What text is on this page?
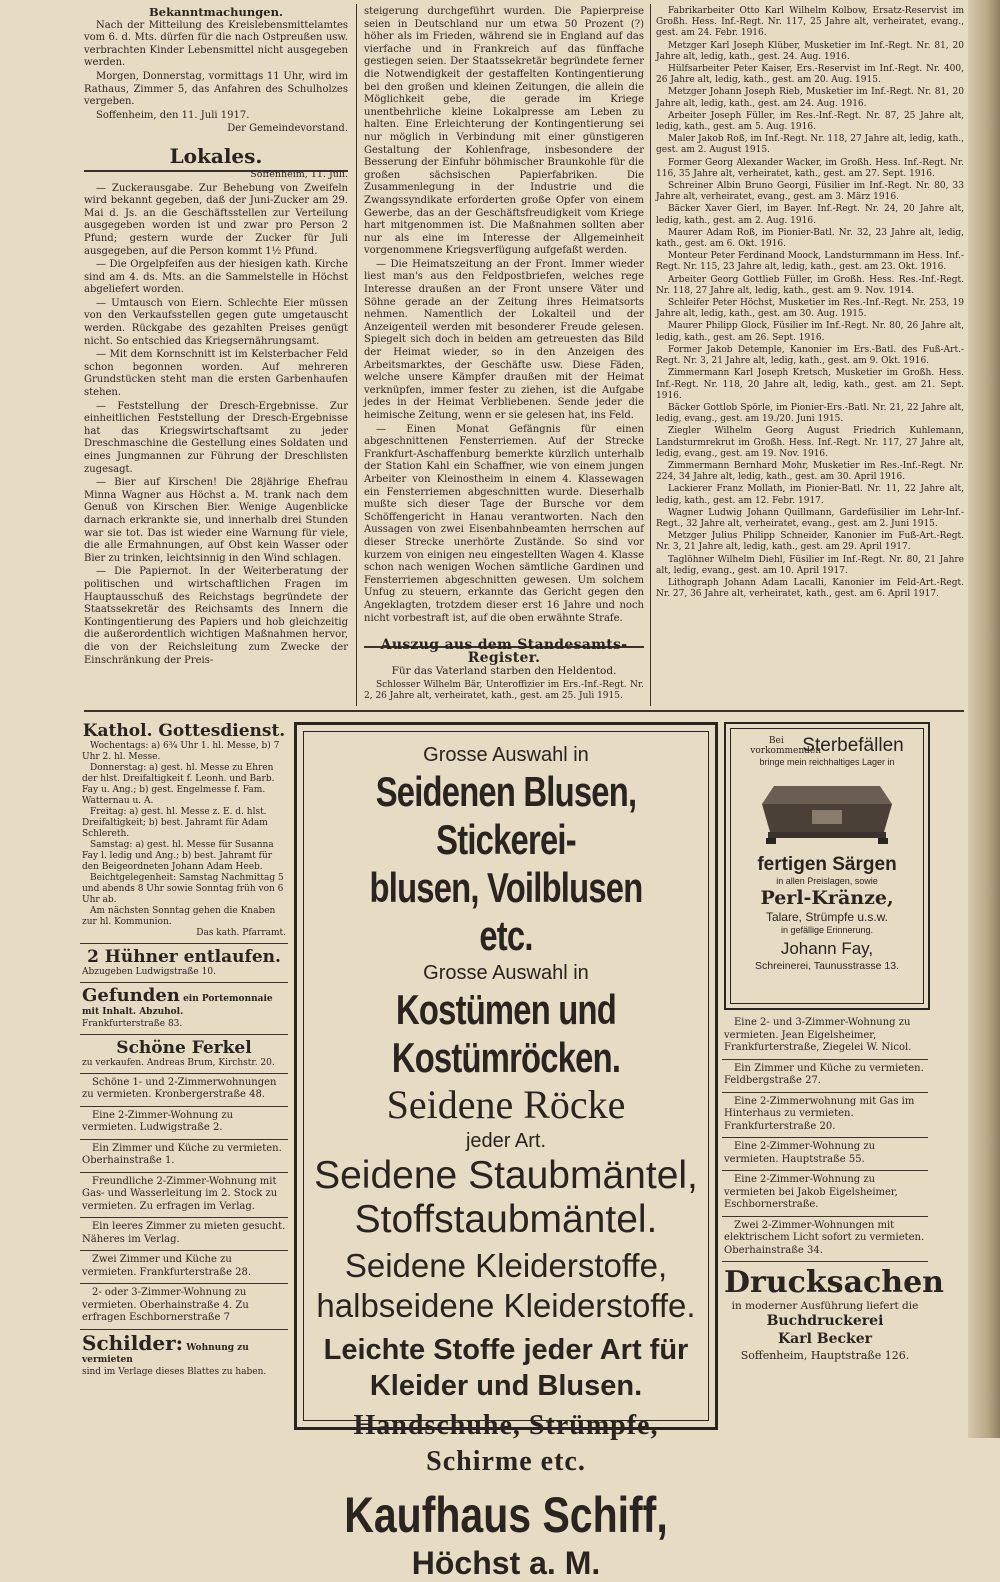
Bekanntmachungen.

Nach der Mitteilung des Kreislebensmittelamtes vom 6. d. Mts. dürfen für die nach Ostpreußen usw. verbrachten Kinder Lebensmittel nicht ausgegeben werden.

Morgen, Donnerstag, vormittags 11 Uhr, wird im Rathaus, Zimmer 5, das Anfahren des Schulholzes vergeben.

Soffenheim, den 11. Juli 1917.

Der Gemeindevorstand.

Lokales.

Soffenheim, 11. Juli.

— Zuckerausgabe. Zur Behebung von Zweifeln wird bekannt gegeben, daß der Juni-Zucker am 29. Mai d. Js. an die Geschäftsstellen zur Verteilung ausgegeben worden ist und zwar pro Person 2 Pfund; gestern wurde der Zucker für Juli ausgegeben, auf die Person kommt 1½ Pfund.

— Die Orgelpfeifen aus der hiesigen kath. Kirche sind am 4. ds. Mts. an die Sammelstelle in Höchst abgeliefert worden.

— Umtausch von Eiern. Schlechte Eier müssen von den Verkaufsstellen gegen gute umgetauscht werden. Rückgabe des gezahlten Preises genügt nicht. So entschied das Kriegsernährungsamt.

— Mit dem Kornschnitt ist im Kelsterbacher Feld schon begonnen worden. Auf mehreren Grundstücken steht man die ersten Garbenhaufen stehen.

— Feststellung der Dresch-Ergebnisse. Zur einheitlichen Feststellung der Dresch-Ergebnisse hat das Kriegswirtschaftsamt zu jeder Dreschmaschine die Gestellung eines Soldaten und eines Jungmannen zur Führung der Dreschlisten zugesagt.

— Bier auf Kirschen! Die 28jährige Ehefrau Minna Wagner aus Höchst a. M. trank nach dem Genuß von Kirschen Bier. Wenige Augenblicke darnach erkrankte sie, und innerhalb drei Stunden war sie tot. Das ist wieder eine Warnung für viele, die alle Ermahnungen, auf Obst kein Wasser oder Bier zu trinken, leichtsinnig in den Wind schlagen.

— Die Papiernot. In der Weiterberatung der politischen und wirtschaftlichen Fragen im Hauptausschuß des Reichstags begründete der Staatssekretär des Reichsamts des Innern die Kontingentierung des Papiers und hob gleichzeitig die außerordentlich wichtigen Maßnahmen hervor, die von der Reichsleitung zum Zwecke der Einschränkung der Preis-

steigerung durchgeführt wurden. Die Papierpreise seien in Deutschland nur um etwa 50 Prozent (?) höher als im Frieden, während sie in England auf das vierfache und in Frankreich auf das fünffache gestiegen seien. Der Staatssekretär begründete ferner die Notwendigkeit der gestaffelten Kontingentierung bei den großen und kleinen Zeitungen, die allein die Möglichkeit gebe, die gerade im Kriege unentbehrliche kleine Lokalpresse am Leben zu halten. Eine Erleichterung der Kontingentierung sei nur möglich in Verbindung mit einer günstigeren Gestaltung der Kohlenfrage, insbesondere der Besserung der Einfuhr böhmischer Braunkohle für die großen sächsischen Papierfabriken. Die Zusammenlegung in der Industrie und die Zwangssyndikate erforderten große Opfer von einem Gewerbe, das an der Geschäftsfreudigkeit vom Kriege hart mitgenommen ist. Die Maßnahmen sollten aber nur als eine im Interesse der Allgemeinheit vorgenommene Kriegsverfügung aufgefaßt werden.

— Die Heimatszeitung an der Front. Immer wieder liest man's aus den Feldpostbriefen, welches rege Interesse draußen an der Front unsere Väter und Söhne gerade an der Zeitung ihres Heimatsorts nehmen. Namentlich der Lokalteil und der Anzeigenteil werden mit besonderer Freude gelesen. Spiegelt sich doch in beiden am getreuesten das Bild der Heimat wieder, so in den Anzeigen des Arbeitsmarktes, der Geschäfte usw. Diese Fäden, welche unsere Kämpfer draußen mit der Heimat verknüpfen, immer fester zu ziehen, ist die Aufgabe jedes in der Heimat Verbliebenen. Sende jeder die heimische Zeitung, wenn er sie gelesen hat, ins Feld.

— Einen Monat Gefängnis für einen abgeschnittenen Fensterriemen. Auf der Strecke Frankfurt-Aschaffenburg bemerkte kürzlich unterhalb der Station Kahl ein Schaffner, wie von einem jungen Arbeiter von Kleinostheim in einem 4. Klassewagen ein Fensterriemen abgeschnitten wurde. Dieserhalb mußte sich dieser Tage der Bursche vor dem Schöffengericht in Hanau verantworten. Nach den Aussagen von zwei Eisenbahnbeamten herrschen auf dieser Strecke unerhörte Zustände. So sind vor kurzem von einigen neu eingestellten Wagen 4. Klasse schon nach wenigen Wochen sämtliche Gardinen und Fensterriemen abgeschnitten gewesen. Um solchem Unfug zu steuern, erkannte das Gericht gegen den Angeklagten, trotzdem dieser erst 16 Jahre und noch nicht vorbestraft ist, auf die oben erwähnte Strafe.

Auszug aus dem Standesamts-Register.

Für das Vaterland starben den Heldentod.

Schlosser Wilhelm Bär, Unteroffizier im Ers.-Inf.-Regt. Nr. 2, 26 Jahre alt, verheiratet, kath., gest. am 25. Juli 1915.

Fabrikarbeiter Otto Karl Wilhelm Kolbow, Ersatz-Reservist im Großh. Hess. Inf.-Regt. Nr. 117, 25 Jahre alt, verheiratet, evang., gest. am 24. Febr. 1916.

Metzger Karl Joseph Klüber, Musketier im Inf.-Regt. Nr. 81, 20 Jahre alt, ledig, kath., gest. 24. Aug. 1916.

Hülfsarbeiter Peter Kaiser, Ers.-Reservist im Inf.-Regt. Nr. 400, 26 Jahre alt, ledig, kath., gest. am 20. Aug. 1915.

Metzger Johann Joseph Rieb, Musketier im Inf.-Regt. Nr. 81, 20 Jahre alt, ledig, kath., gest. am 24. Aug. 1916.

Arbeiter Joseph Füller, im Res.-Inf.-Regt. Nr. 87, 25 Jahre alt, ledig, kath., gest. am 5. Aug. 1916.

Maler Jakob Roß, im Inf.-Regt. Nr. 118, 27 Jahre alt, ledig, kath., gest. am 2. August 1915.

Former Georg Alexander Wacker, im Großh. Hess. Inf.-Regt. Nr. 116, 35 Jahre alt, verheiratet, kath., gest. am 27. Sept. 1916.

Schreiner Albin Bruno Georgi, Füsilier im Inf.-Regt. Nr. 80, 33 Jahre alt, verheiratet, evang., gest. am 3. März 1916.

Bäcker Xaver Gierl, im Bayer. Inf.-Regt. Nr. 24, 20 Jahre alt, ledig, kath., gest. am 2. Aug. 1916.

Maurer Adam Roß, im Pionier-Batl. Nr. 32, 23 Jahre alt, ledig, kath., gest. am 6. Okt. 1916.

Monteur Peter Ferdinand Moock, Landsturmmann im Hess. Inf.-Regt. Nr. 115, 23 Jahre alt, ledig, kath., gest. am 23. Okt. 1916.

Arbeiter Georg Gottlieb Füller, im Großh. Hess. Res.-Inf.-Regt. Nr. 118, 27 Jahre alt, ledig, kath., gest. am 9. Nov. 1914.

Schleifer Peter Höchst, Musketier im Res.-Inf.-Regt. Nr. 253, 19 Jahre alt, ledig, kath., gest. am 30. Aug. 1915.

Maurer Philipp Glock, Füsilier im Inf.-Regt. Nr. 80, 26 Jahre alt, ledig, kath., gest. am 26. Sept. 1916.

Former Jakob Detemple, Kanonier im Ers.-Batl. des Fuß-Art.-Regt. Nr. 3, 21 Jahre alt, ledig, kath., gest. am 9. Okt. 1916.

Zimmermann Karl Joseph Kretsch, Musketier im Großh. Hess. Inf.-Regt. Nr. 118, 20 Jahre alt, ledig, kath., gest. am 21. Sept. 1916.

Bäcker Gottlob Spörle, im Pionier-Ers.-Batl. Nr. 21, 22 Jahre alt, ledig, evang., gest. am 19./20. Juni 1915.

Ziegler Wilhelm Georg August Friedrich Kuhlemann, Landsturmrekrut im Großh. Hess. Inf.-Regt. Nr. 117, 27 Jahre alt, ledig, evang., gest. am 19. Nov. 1916.

Zimmermann Bernhard Mohr, Musketier im Res.-Inf.-Regt. Nr. 224, 34 Jahre alt, ledig, kath., gest. am 30. April 1916.

Lackierer Franz Mollath, im Pionier-Batl. Nr. 11, 22 Jahre alt, ledig, kath., gest. am 12. Febr. 1917.

Wagner Ludwig Johann Quillmann, Gardefüsilier im Lehr-Inf.-Regt., 32 Jahre alt, verheiratet, evang., gest. am 2. Juni 1915.

Metzger Julius Philipp Schneider, Kanonier im Fuß-Art.-Regt. Nr. 3, 21 Jahre alt, ledig, kath., gest. am 29. April 1917.

Taglöhner Wilhelm Diehl, Füsilier im Inf.-Regt. Nr. 80, 21 Jahre alt, ledig, evang., gest. am 10. April 1917.

Lithograph Johann Adam Lacalli, Kanonier im Feld-Art.-Regt. Nr. 27, 36 Jahre alt, verheiratet, kath., gest. am 6. April 1917.

Kathol. Gottesdienst.
Wochentags: a) 6¾ Uhr 1. hl. Messe, b) 7 Uhr 2. hl. Messe.
Donnerstag: a) gest. hl. Messe zu Ehren der hlst. Dreifaltigkeit f. Leonh. und Barb. Fay u. Ang.; b) gest. Engelmesse f. Fam. Watternau u. A.
Freitag: a) gest. hl. Messe z. E. d. hlst. Dreifaltigkeit; b) best. Jahramt für Adam Schlereth.
Samstag: a) gest. hl. Messe für Susanna Fay l. ledig und Ang.; b) best. Jahramt für den Beigeordneten Johann Adam Heeb.
Beichtgelegenheit: Samstag Nachmittag 5 und abends 8 Uhr sowie Sonntag früh von 6 Uhr ab.
Am nächsten Sonntag gehen die Knaben zur hl. Kommunion.
Das kath. Pfarramt.
2 Hühner entlaufen.
Abzugeben Ludwigstraße 10.
Gefunden ein Portemonnaie mit Inhalt. Abzuhol.
Frankfurterstraße 83.
Schöne Ferkel
zu verkaufen. Andreas Brum, Kirchstr. 20.
Schöne 1- und 2-Zimmerwohnungen zu vermieten. Kronbergerstraße 48.
Eine 2-Zimmer-Wohnung zu vermieten. Ludwigstraße 2.
Ein Zimmer und Küche zu vermieten. Oberhainstraße 1.
Freundliche 2-Zimmer-Wohnung mit Gas- und Wasserleitung im 2. Stock zu vermieten. Zu erfragen im Verlag.
Ein leeres Zimmer zu mieten gesucht. Näheres im Verlag.
Zwei Zimmer und Küche zu vermieten. Frankfurterstraße 28.
2- oder 3-Zimmer-Wohnung zu vermieten. Oberhainstraße 4. Zu erfragen Eschbornerstraße 7
Schilder: Wohnung zu vermieten
sind im Verlage dieses Blattes zu haben.

Grosse Auswahl in

Seidenen Blusen, Stickerei-

blusen, Voilblusen etc.

Grosse Auswahl in

Kostümen und Kostümröcken.

Seidene Röcke

jeder Art.

Seidene Staubmäntel,

Stoffstaubmäntel.

Seidene Kleiderstoffe,

halbseidene Kleiderstoffe.

Leichte Stoffe jeder Art für

Kleider und Blusen.

Handschuhe, Strümpfe,

Schirme etc.

Kaufhaus Schiff,

Höchst a. M.

Bei vorkommenden
Sterbefällen
bringe mein reichhaltiges Lager in
fertigen Särgen
in allen Preislagen, sowie
Perl-Kränze,
Talare, Strümpfe u.s.w.
in gefällige Erinnerung.
Johann Fay,
Schreinerei, Taunusstrasse 13.
Eine 2- und 3-Zimmer-Wohnung zu vermieten. Jean Eigelsheimer, Frankfurterstraße, Ziegelei W. Nicol.
Ein Zimmer und Küche zu vermieten. Feldbergstraße 27.
Eine 2-Zimmerwohnung mit Gas im Hinterhaus zu vermieten. Frankfurterstraße 20.
Eine 2-Zimmer-Wohnung zu vermieten. Hauptstraße 55.
Eine 2-Zimmer-Wohnung zu vermieten bei Jakob Eigelsheimer, Eschbornerstraße.
Zwei 2-Zimmer-Wohnungen mit elektrischem Licht sofort zu vermieten. Oberhainstraße 34.
Drucksachen
in moderner Ausführung liefert die
Buchdruckerei
Karl Becker
Soffenheim, Hauptstraße 126.
